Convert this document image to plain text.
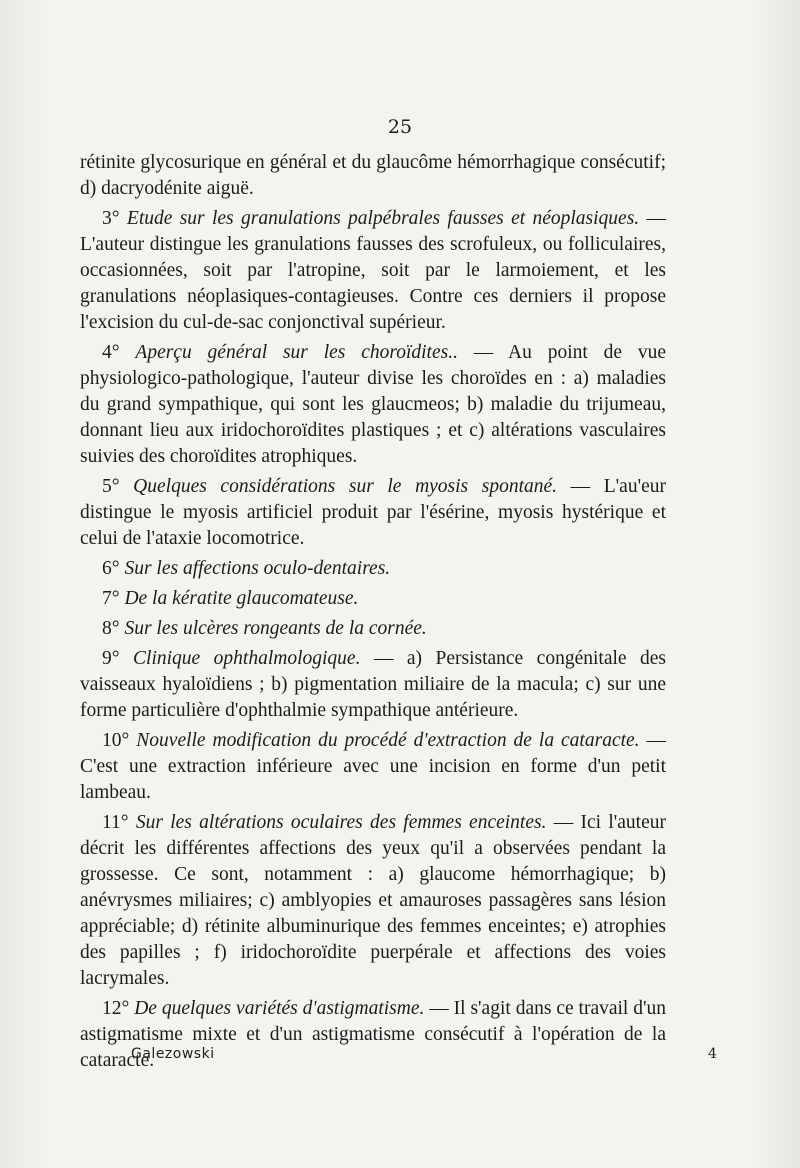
25

rétinite glycosurique en général et du glaucôme hémorrhagique consécutif; d) dacryodénite aiguë.

3° Etude sur les granulations palpébrales fausses et néoplasiques. — L'auteur distingue les granulations fausses des scrofuleux, ou folliculaires, occasionnées, soit par l'atropine, soit par le larmoiement, et les granulations néoplasiques-contagieuses. Contre ces derniers il propose l'excision du cul-de-sac conjonctival supérieur.

4° Aperçu général sur les choroïdites.. — Au point de vue physiologico-pathologique, l'auteur divise les choroïdes en : a) maladies du grand sympathique, qui sont les glaucmeos; b) maladie du trijumeau, donnant lieu aux iridochoroïdites plastiques ; et c) altérations vasculaires suivies des choroïdites atrophiques.

5° Quelques considérations sur le myosis spontané. — L'au'eur distingue le myosis artificiel produit par l'ésérine, myosis hystérique et celui de l'ataxie locomotrice.

6° Sur les affections oculo-dentaires.

7° De la kératite glaucomateuse.

8° Sur les ulcères rongeants de la cornée.

9° Clinique ophthalmologique. — a) Persistance congénitale des vaisseaux hyaloïdiens ; b) pigmentation miliaire de la macula; c) sur une forme particulière d'ophthalmie sympathique antérieure.

10° Nouvelle modification du procédé d'extraction de la cataracte. — C'est une extraction inférieure avec une incision en forme d'un petit lambeau.

11° Sur les altérations oculaires des femmes enceintes. — Ici l'auteur décrit les différentes affections des yeux qu'il a observées pendant la grossesse. Ce sont, notamment : a) glaucome hémorrhagique; b) anévrysmes miliaires; c) amblyopies et amauroses passagères sans lésion appréciable; d) rétinite albuminurique des femmes enceintes; e) atrophies des papilles ; f) iridochoroïdite puerpérale et affections des voies lacrymales.

12° De quelques variétés d'astigmatisme. — Il s'agit dans ce travail d'un astigmatisme mixte et d'un astigmatisme consécutif à l'opération de la cataracte.

Galezowski	4
